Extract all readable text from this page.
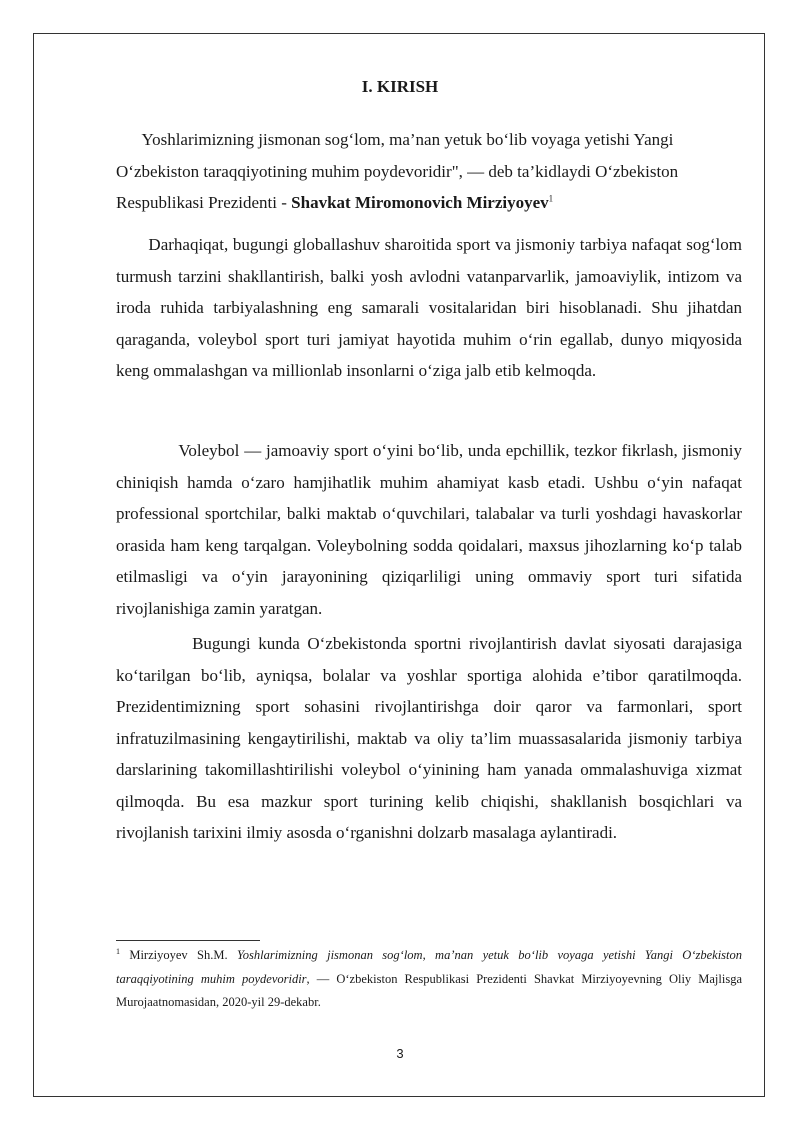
I. KIRISH

Yoshlarimizning jismonan sog‘lom, ma’nan yetuk bo‘lib voyaga yetishi Yangi O‘zbekiston taraqqiyotining muhim poydevoridir", — deb ta’kidlaydi O‘zbekiston Respublikasi Prezidenti - Shavkat Miromonovich Mirziyoyev$^1$

Darhaqiqat, bugungi globallashuv sharoitida sport va jismoniy tarbiya nafaqat sog‘lom turmush tarzini shakllantirish, balki yosh avlodni vatanparvarlik, jamoaviylik, intizom va iroda ruhida tarbiyalashning eng samarali vositalaridan biri hisoblanadi. Shu jihatdan qaraganda, voleybol sport turi jamiyat hayotida muhim o‘rin egallab, dunyo miqyosida keng ommalashgan va millionlab insonlarni o‘ziga jalb etib kelmoqda.

Voleybol — jamoaviy sport o‘yini bo‘lib, unda epchillik, tezkor fikrlash, jismoniy chiniqish hamda o‘zaro hamjihatlik muhim ahamiyat kasb etadi. Ushbu o‘yin nafaqat professional sportchilar, balki maktab o‘quvchilari, talabalar va turli yoshdagi havaskorlar orasida ham keng tarqalgan. Voleybolning sodda qoidalari, maxsus jihozlarning ko‘p talab etilmasligi va o‘yin jarayonining qiziqarliligi uning ommaviy sport turi sifatida rivojlanishiga zamin yaratgan.

Bugungi kunda O‘zbekistonda sportni rivojlantirish davlat siyosati darajasiga ko‘tarilgan bo‘lib, ayniqsa, bolalar va yoshlar sportiga alohida e’tibor qaratilmoqda. Prezidentimizning sport sohasini rivojlantirishga doir qaror va farmonlari, sport infratuzilmasining kengaytirilishi, maktab va oliy ta’lim muassasalarida jismoniy tarbiya darslarining takomillashtirilishi voleybol o‘yinining ham yanada ommalashuviga xizmat qilmoqda. Bu esa mazkur sport turining kelib chiqishi, shakllanish bosqichlari va rivojlanish tarixini ilmiy asosda o‘rganishni dolzarb masalaga aylantiradi.

$^1$ Mirziyoyev Sh.M. Yoshlarimizning jismonan sog‘lom, ma’nan yetuk bo‘lib voyaga yetishi Yangi O‘zbekiston taraqqiyotining muhim poydevoridir, — O‘zbekiston Respublikasi Prezidenti Shavkat Mirziyoyevning Oliy Majlisga Murojaatnomasidan, 2020-yil 29-dekabr.

3
